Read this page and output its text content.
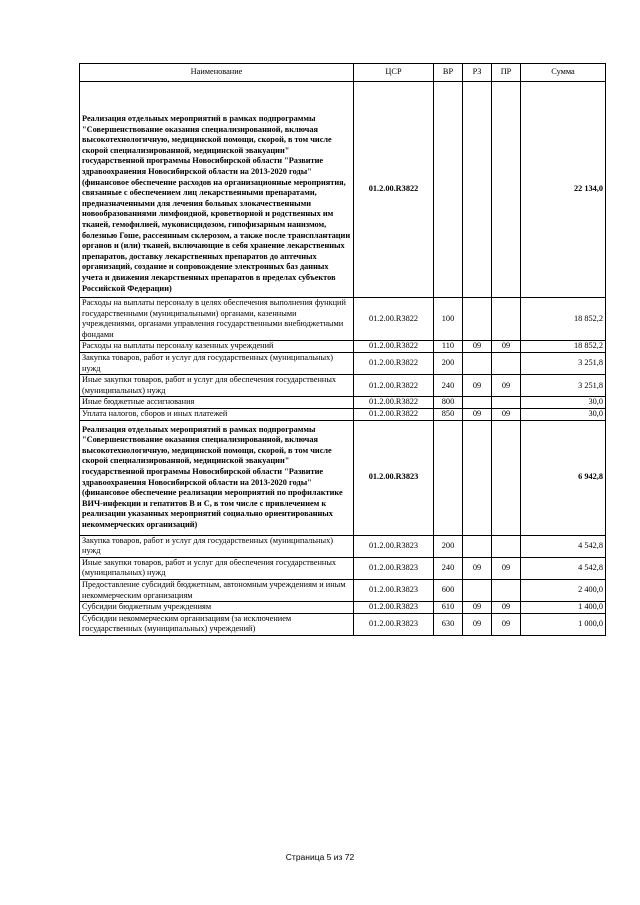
Наименование	ЦСР	ВР	РЗ	ПР	Сумма
Реализация отдельных мероприятий в рамках подпрограммы "Совершенствование оказания специализированной, включая высокотехнологичную, медицинской помощи, скорой, в том числе скорой специализированной, медицинской эвакуации" государственной программы Новосибирской области "Развитие здравоохранения Новосибирской области на 2013-2020 годы" (финансовое обеспечение расходов на организационные мероприятия, связанные с обеспечением лиц лекарственными препаратами, предназначенными для лечения больных злокачественными новообразованиями лимфоидной, кроветворной и родственных им тканей, гемофилией, муковисцидозом, гипофизарным нанизмом, болезнью Гоше, рассеянным склерозом, а также после трансплантации органов и (или) тканей, включающие в себя хранение лекарственных препаратов, доставку лекарственных препаратов до аптечных организаций, создание и сопровождение электронных баз данных учета и движения лекарственных препаратов в пределах субъектов Российской Федерации)	01.2.00.R3822				22 134,0
Расходы на выплаты персоналу в целях обеспечения выполнения функций государственными (муниципальными) органами, казенными учреждениями, органами управления государственными внебюджетными фондами	01.2.00.R3822	100			18 852,2
Расходы на выплаты персоналу казенных учреждений	01.2.00.R3822	110	09	09	18 852,2
Закупка товаров, работ и услуг для государственных (муниципальных) нужд	01.2.00.R3822	200			3 251,8
Иные закупки товаров, работ и услуг для обеспечения государственных (муниципальных) нужд	01.2.00.R3822	240	09	09	3 251,8
Иные бюджетные ассигнования	01.2.00.R3822	800			30,0
Уплата налогов, сборов и иных платежей	01.2.00.R3822	850	09	09	30,0
Реализация отдельных мероприятий в рамках подпрограммы "Совершенствование оказания специализированной, включая высокотехнологичную, медицинской помощи, скорой, в том числе скорой специализированной, медицинской эвакуации" государственной программы Новосибирской области "Развитие здравоохранения Новосибирской области на 2013-2020 годы" (финансовое обеспечение реализации мероприятий по профилактике ВИЧ-инфекции и гепатитов В и С, в том числе с привлечением к реализации указанных мероприятий социально ориентированных некоммерческих организаций)	01.2.00.R3823				6 942,8
Закупка товаров, работ и услуг для государственных (муниципальных) нужд	01.2.00.R3823	200			4 542,8
Иные закупки товаров, работ и услуг для обеспечения государственных (муниципальных) нужд	01.2.00.R3823	240	09	09	4 542,8
Предоставление субсидий бюджетным, автономным учреждениям и иным некоммерческим организациям	01.2.00.R3823	600			2 400,0
Субсидии бюджетным учреждениям	01.2.00.R3823	610	09	09	1 400,0
Субсидии некоммерческим организациям (за исключением государственных (муниципальных) учреждений)	01.2.00.R3823	630	09	09	1 000,0
Страница 5 из 72
